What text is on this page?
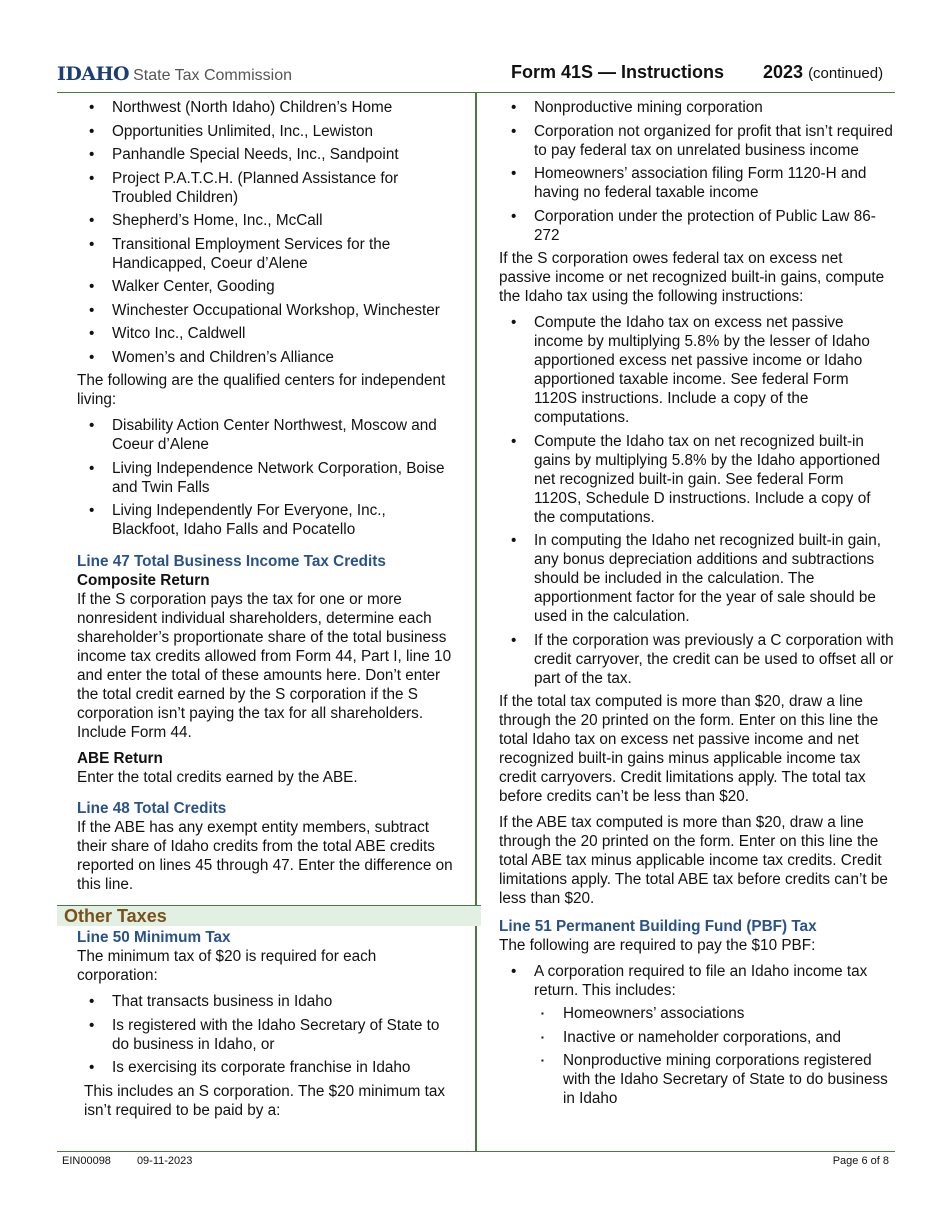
IDAHO State Tax Commission	Form 41S — Instructions 2023 (continued)
• Northwest (North Idaho) Children’s Home
• Opportunities Unlimited, Inc., Lewiston
• Panhandle Special Needs, Inc., Sandpoint
• Project P.A.T.C.H. (Planned Assistance for Troubled Children)
• Shepherd’s Home, Inc., McCall
• Transitional Employment Services for the Handicapped, Coeur d’Alene
• Walker Center, Gooding
• Winchester Occupational Workshop, Winchester
• Witco Inc., Caldwell
• Women’s and Children’s Alliance

The following are the qualified centers for independent living:

• Disability Action Center Northwest, Moscow and Coeur d’Alene
• Living Independence Network Corporation, Boise and Twin Falls
• Living Independently For Everyone, Inc., Blackfoot, Idaho Falls and Pocatello
Line 47 Total Business Income Tax Credits
Composite Return

If the S corporation pays the tax for one or more nonresident individual shareholders, determine each shareholder’s proportionate share of the total business income tax credits allowed from Form 44, Part I, line 10 and enter the total of these amounts here. Don’t enter the total credit earned by the S corporation if the S corporation isn’t paying the tax for all shareholders. Include Form 44.

ABE Return

Enter the total credits earned by the ABE.

Line 48 Total Credits

If the ABE has any exempt entity members, subtract their share of Idaho credits from the total ABE credits reported on lines 45 through 47. Enter the difference on this line.

Other Taxes
Line 50 Minimum Tax

The minimum tax of $20 is required for each corporation:

• That transacts business in Idaho
• Is registered with the Idaho Secretary of State to do business in Idaho, or
• Is exercising its corporate franchise in Idaho

This includes an S corporation. The $20 minimum tax isn’t required to be paid by a:

• Nonproductive mining corporation
• Corporation not organized for profit that isn’t required to pay federal tax on unrelated business income
• Homeowners’ association filing Form 1120-H and having no federal taxable income
• Corporation under the protection of Public Law 86-272

If the S corporation owes federal tax on excess net passive income or net recognized built-in gains, compute the Idaho tax using the following instructions:

• Compute the Idaho tax on excess net passive income by multiplying 5.8% by the lesser of Idaho apportioned excess net passive income or Idaho apportioned taxable income. See federal Form 1120S instructions. Include a copy of the computations.
• Compute the Idaho tax on net recognized built-in gains by multiplying 5.8% by the Idaho apportioned net recognized built-in gain. See federal Form 1120S, Schedule D instructions. Include a copy of the computations.
• In computing the Idaho net recognized built-in gain, any bonus depreciation additions and subtractions should be included in the calculation. The apportionment factor for the year of sale should be used in the calculation.
• If the corporation was previously a C corporation with credit carryover, the credit can be used to offset all or part of the tax.

If the total tax computed is more than $20, draw a line through the 20 printed on the form. Enter on this line the total Idaho tax on excess net passive income and net recognized built-in gains minus applicable income tax credit carryovers. Credit limitations apply. The total tax before credits can’t be less than $20.

If the ABE tax computed is more than $20, draw a line through the 20 printed on the form. Enter on this line the total ABE tax minus applicable income tax credits. Credit limitations apply. The total ABE tax before credits can’t be less than $20.

Line 51 Permanent Building Fund (PBF) Tax

The following are required to pay the $10 PBF:

• A corporation required to file an Idaho income tax return. This includes:
▪ Homeowners’ associations
▪ Inactive or nameholder corporations, and
▪ Nonproductive mining corporations registered with the Idaho Secretary of State to do business in Idaho
EIN00098 09-11-2023	Page 6 of 8
